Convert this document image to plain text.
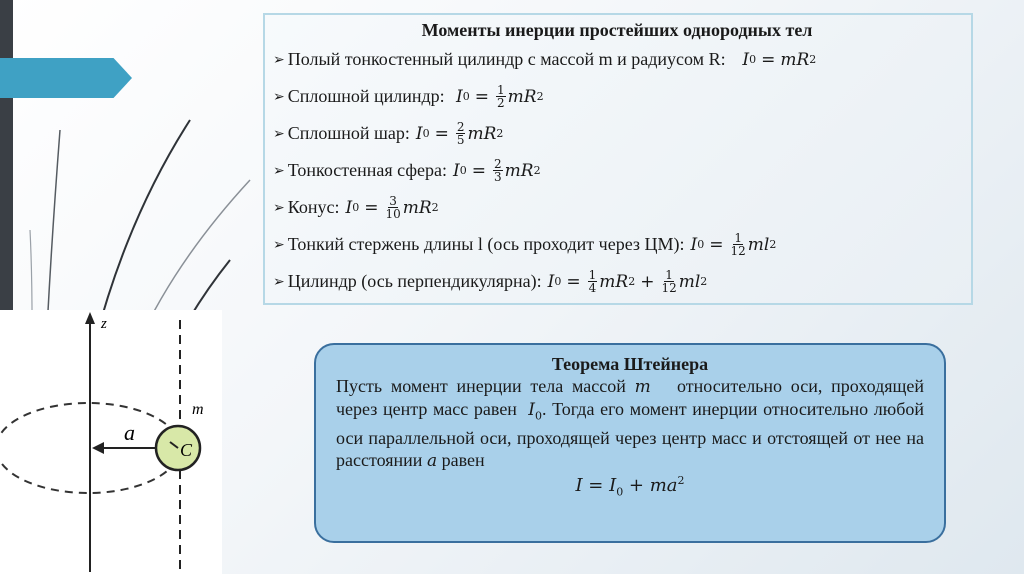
Моменты инерции простейших однородных тел
➢ Полый тонкостенный цилиндр с массой m и радиусом R: I 0 = mR 2
➢ Сплошной цилиндр: I $0 = \frac{1}{2}$ mR 2
➢ Сплошной шар: I $0 = \frac{2}{5}$ mR 2
➢ Тонкостенная сфера: I $0 = \frac{2}{3}$ mR 2
➢ Конус: I $0 = \frac{3}{10}$ mR 2
➢ Тонкий стержень длины l (ось проходит через ЦМ): I $0 = \frac{1}{12}$ ml 2
➢ Цилиндр (ось перпендикулярна): I $0 = \frac{1}{4}$ mR $2 + \frac{1}{12}$ ml 2
z
m
a
C
Теорема Штейнера
Пусть момент инерции тела массой m относительно оси, проходящей через центр масс равен $I_0$. Тогда его момент инерции относительно любой оси параллельной оси, проходящей через центр масс и отстоящей от нее на расстоянии a равен
$I = I_0 + ma^2$
